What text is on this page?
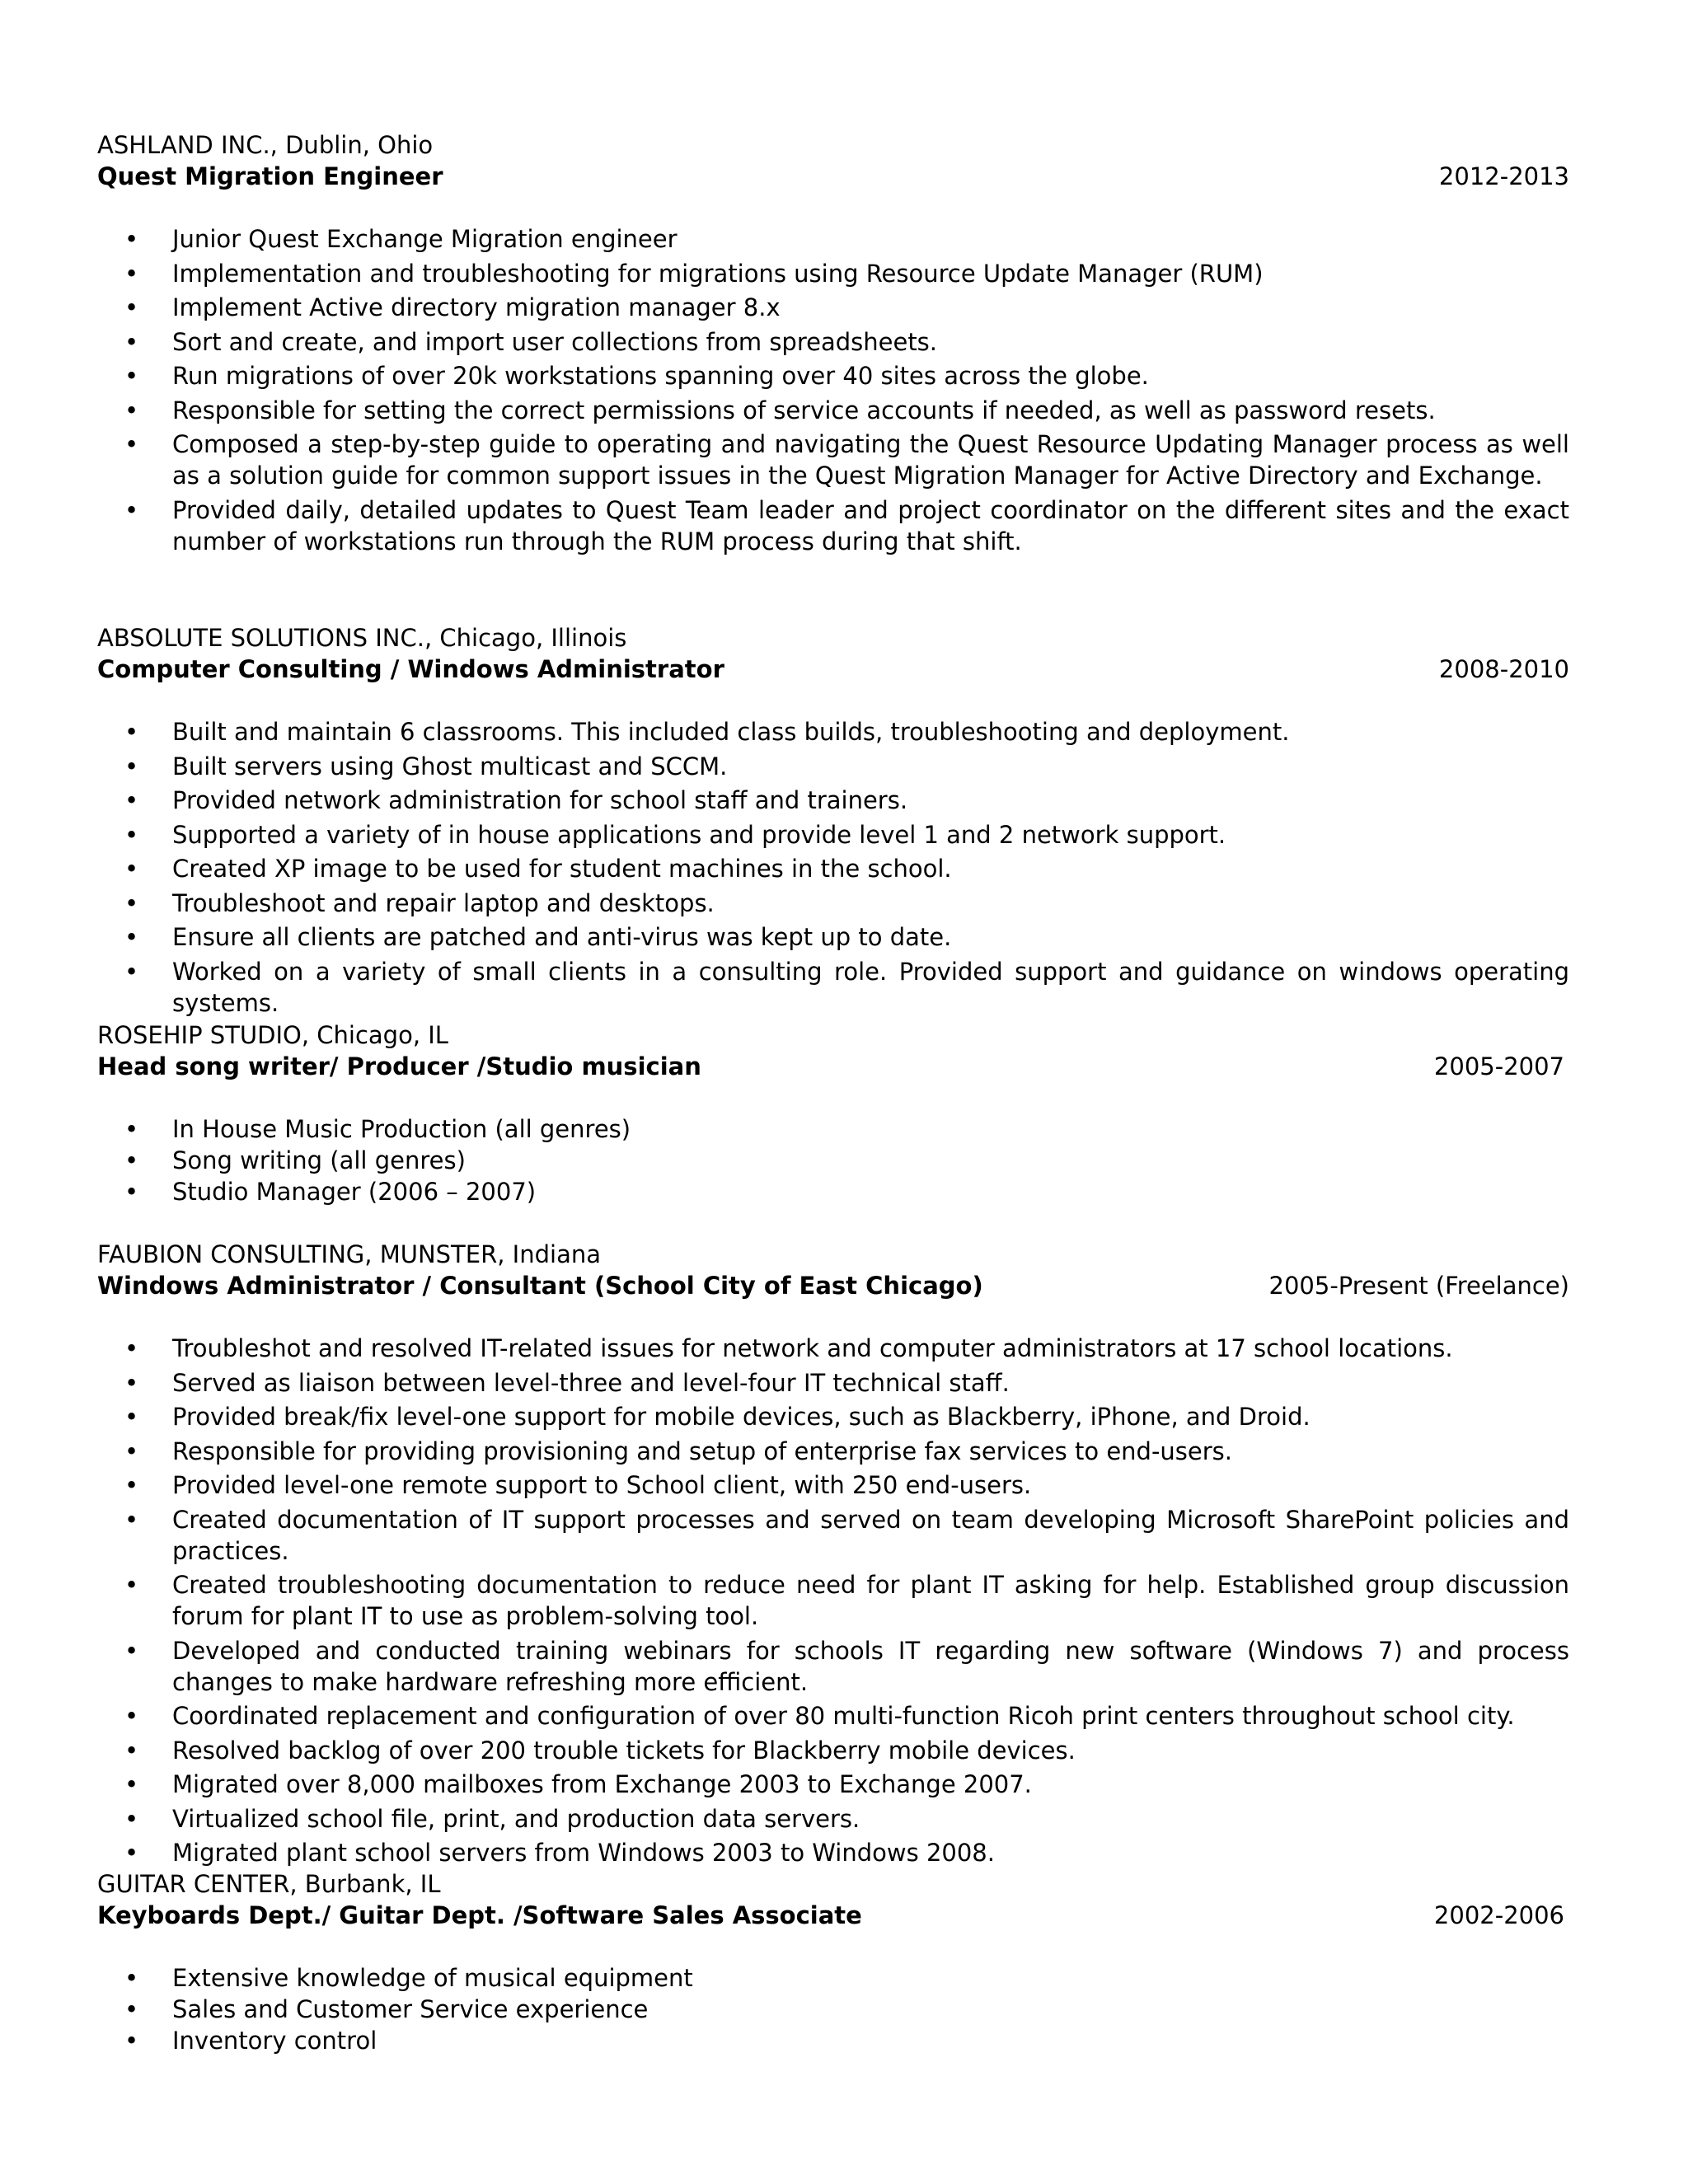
ASHLAND INC., Dublin, Ohio
Quest Migration Engineer	2012-2013
• Junior Quest Exchange Migration engineer
• Implementation and troubleshooting for migrations using Resource Update Manager (RUM)
• Implement Active directory migration manager 8.x
• Sort and create, and import user collections from spreadsheets.
• Run migrations of over 20k workstations spanning over 40 sites across the globe.
• Responsible for setting the correct permissions of service accounts if needed, as well as password resets.
• Composed a step-by-step guide to operating and navigating the Quest Resource Updating Manager process as well as a solution guide for common support issues in the Quest Migration Manager for Active Directory and Exchange.
• Provided daily, detailed updates to Quest Team leader and project coordinator on the different sites and the exact number of workstations run through the RUM process during that shift.
ABSOLUTE SOLUTIONS INC., Chicago, Illinois
Computer Consulting / Windows Administrator	2008-2010
• Built and maintain 6 classrooms. This included class builds, troubleshooting and deployment.
• Built servers using Ghost multicast and SCCM.
• Provided network administration for school staff and trainers.
• Supported a variety of in house applications and provide level 1 and 2 network support.
• Created XP image to be used for student machines in the school.
• Troubleshoot and repair laptop and desktops.
• Ensure all clients are patched and anti-virus was kept up to date.
• Worked on a variety of small clients in a consulting role. Provided support and guidance on windows operating systems.
ROSEHIP STUDIO, Chicago, IL
Head song writer/ Producer /Studio musician	2005-2007
• In House Music Production (all genres)
• Song writing (all genres)
• Studio Manager (2006 – 2007)
FAUBION CONSULTING, MUNSTER, Indiana
Windows Administrator / Consultant (School City of East Chicago)	2005-Present (Freelance)
• Troubleshot and resolved IT-related issues for network and computer administrators at 17 school locations.
• Served as liaison between level-three and level-four IT technical staff.
• Provided break/fix level-one support for mobile devices, such as Blackberry, iPhone, and Droid.
• Responsible for providing provisioning and setup of enterprise fax services to end-users.
• Provided level-one remote support to School client, with 250 end-users.
• Created documentation of IT support processes and served on team developing Microsoft SharePoint policies and practices.
• Created troubleshooting documentation to reduce need for plant IT asking for help. Established group discussion forum for plant IT to use as problem-solving tool.
• Developed and conducted training webinars for schools IT regarding new software (Windows 7) and process changes to make hardware refreshing more efficient.
• Coordinated replacement and configuration of over 80 multi-function Ricoh print centers throughout school city.
• Resolved backlog of over 200 trouble tickets for Blackberry mobile devices.
• Migrated over 8,000 mailboxes from Exchange 2003 to Exchange 2007.
• Virtualized school file, print, and production data servers.
• Migrated plant school servers from Windows 2003 to Windows 2008.
GUITAR CENTER, Burbank, IL
Keyboards Dept./ Guitar Dept. /Software Sales Associate	2002-2006
• Extensive knowledge of musical equipment
• Sales and Customer Service experience
• Inventory control
